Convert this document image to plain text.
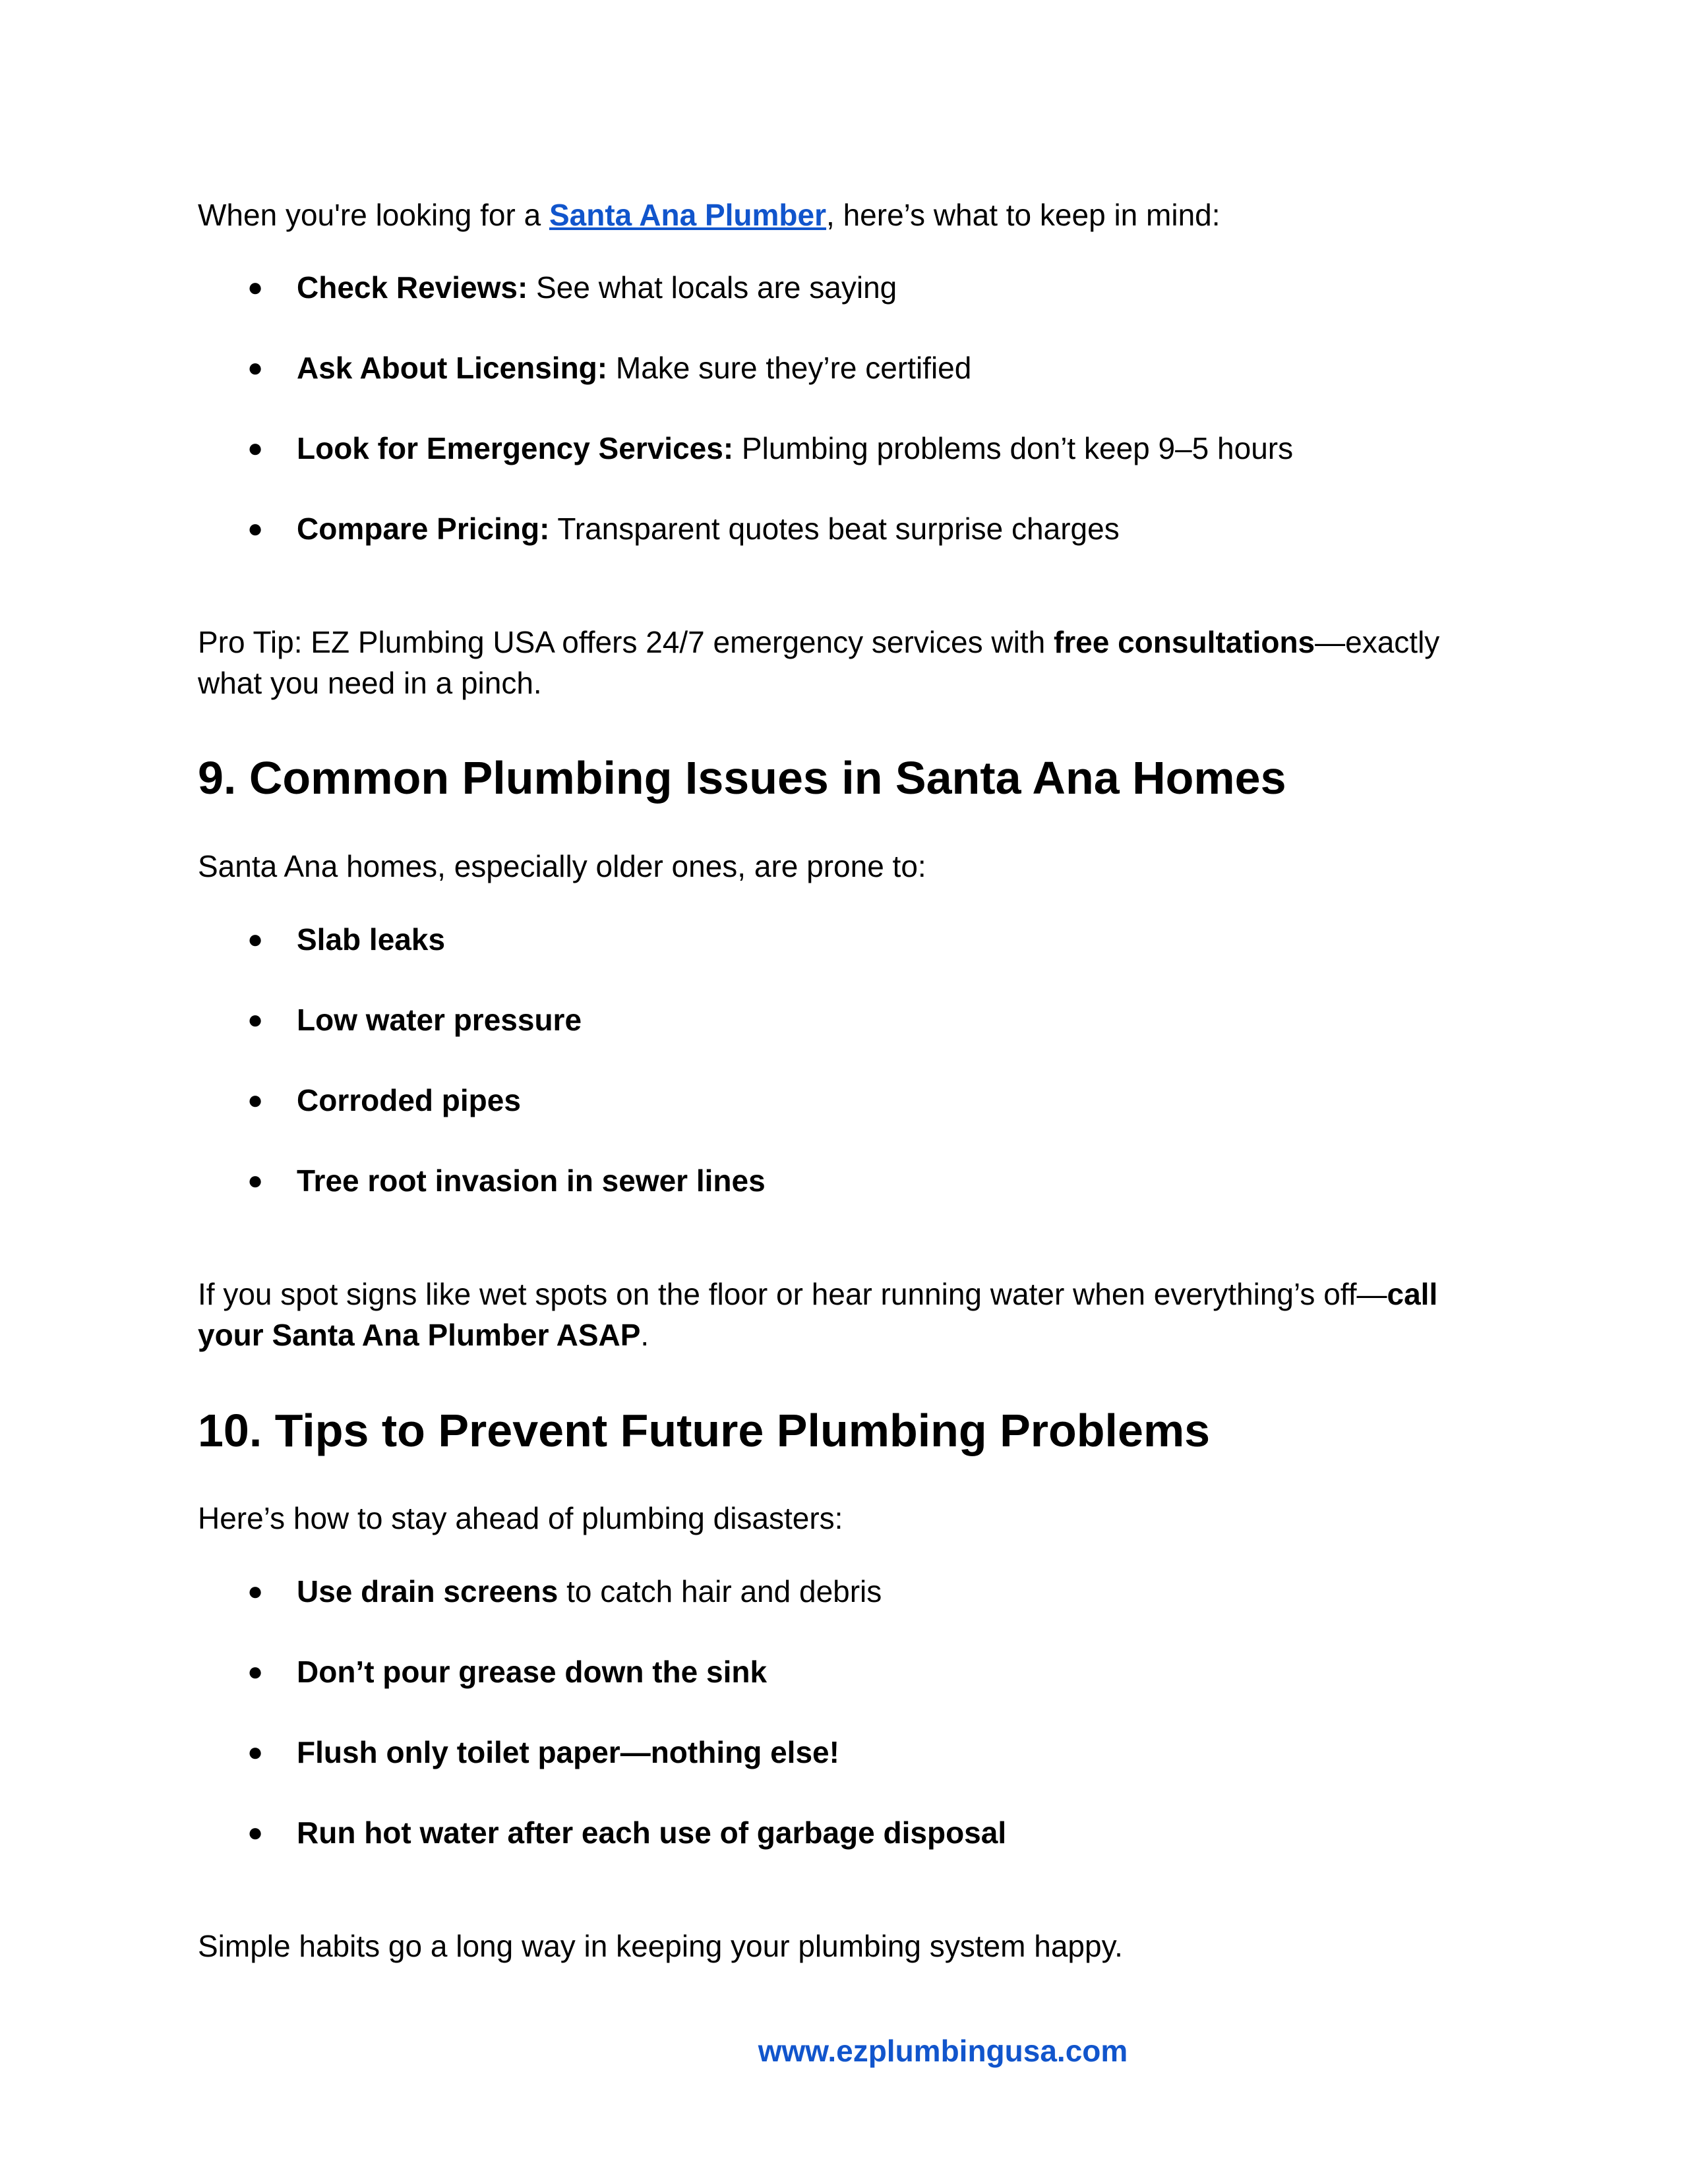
When you're looking for a Santa Ana Plumber, here’s what to keep in mind:

● Check Reviews: See what locals are saying
● Ask About Licensing: Make sure they’re certified
● Look for Emergency Services: Plumbing problems don’t keep 9–5 hours
● Compare Pricing: Transparent quotes beat surprise charges

Pro Tip: EZ Plumbing USA offers 24/7 emergency services with free consultations—exactly what you need in a pinch.

9. Common Plumbing Issues in Santa Ana Homes

Santa Ana homes, especially older ones, are prone to:

● Slab leaks
● Low water pressure
● Corroded pipes
● Tree root invasion in sewer lines

If you spot signs like wet spots on the floor or hear running water when everything’s off—call your Santa Ana Plumber ASAP.

10. Tips to Prevent Future Plumbing Problems

Here’s how to stay ahead of plumbing disasters:

● Use drain screens to catch hair and debris
● Don’t pour grease down the sink
● Flush only toilet paper—nothing else!
● Run hot water after each use of garbage disposal

Simple habits go a long way in keeping your plumbing system happy.

www.ezplumbingusa.com
